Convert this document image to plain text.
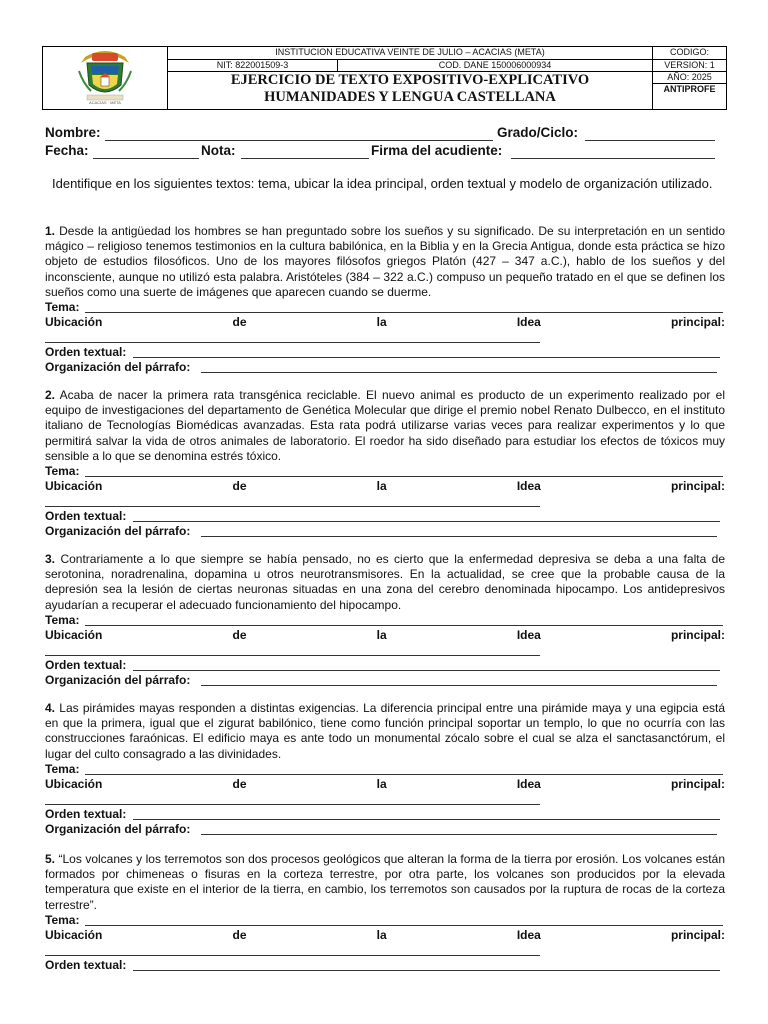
ACACIAS · META
INSTITUCION EDUCATIVA VEINTE DE JULIO – ACACIAS (META)
NIT: 822001509-3	COD. DANE 150006000934
EJERCICIO DE TEXTO EXPOSITIVO-EXPLICATIVO
HUMANIDADES Y LENGUA CASTELLANA
CODIGO:
VERSION: 1
AÑO: 2025
ANTIPROFE
Nombre:	Grado/Ciclo:
Fecha:	Nota:	Firma del acudiente:
Identifique en los siguientes textos: tema, ubicar la idea principal, orden textual y modelo de organización utilizado.

1. Desde la antigüedad los hombres se han preguntado sobre los sueños y su significado. De su interpretación en un sentido mágico – religioso tenemos testimonios en la cultura babilónica, en la Biblia y en la Grecia Antigua, donde esta práctica se hizo objeto de estudios filosóficos. Uno de los mayores filósofos griegos Platón (427 – 347 a.C.), hablo de los sueños y del inconsciente, aunque no utilizó esta palabra. Aristóteles (384 – 322 a.C.) compuso un pequeño tratado en el que se definen los sueños como una suerte de imágenes que aparecen cuando se duerme.

Tema:
Ubicación	de	la	Idea	principal:
Orden textual:
Organización del párrafo:

2. Acaba de nacer la primera rata transgénica reciclable. El nuevo animal es producto de un experimento realizado por el equipo de investigaciones del departamento de Genética Molecular que dirige el premio nobel Renato Dulbecco, en el instituto italiano de Tecnologías Biomédicas avanzadas. Esta rata podrá utilizarse varias veces para realizar experimentos y lo que permitirá salvar la vida de otros animales de laboratorio. El roedor ha sido diseñado para estudiar los efectos de tóxicos muy sensible a lo que se denomina estrés tóxico.

Tema:
Ubicación	de	la	Idea	principal:
Orden textual:
Organización del párrafo:

3. Contrariamente a lo que siempre se había pensado, no es cierto que la enfermedad depresiva se deba a una falta de serotonina, noradrenalina, dopamina u otros neurotransmisores. En la actualidad, se cree que la probable causa de la depresión sea la lesión de ciertas neuronas situadas en una zona del cerebro denominada hipocampo. Los antidepresivos ayudarían a recuperar el adecuado funcionamiento del hipocampo.

Tema:
Ubicación	de	la	Idea	principal:
Orden textual:
Organización del párrafo:

4. Las pirámides mayas responden a distintas exigencias. La diferencia principal entre una pirámide maya y una egipcia está en que la primera, igual que el zigurat babilónico, tiene como función principal soportar un templo, lo que no ocurría con las construcciones faraónicas. El edificio maya es ante todo un monumental zócalo sobre el cual se alza el sanctasanctórum, el lugar del culto consagrado a las divinidades.

Tema:
Ubicación	de	la	Idea	principal:
Orden textual:
Organización del párrafo:

5. “Los volcanes y los terremotos son dos procesos geológicos que alteran la forma de la tierra por erosión. Los volcanes están formados por chimeneas o fisuras en la corteza terrestre, por otra parte, los volcanes son producidos por la elevada temperatura que existe en el interior de la tierra, en cambio, los terremotos son causados por la ruptura de rocas de la corteza terrestre”.

Tema:
Ubicación	de	la	Idea	principal:
Orden textual:
